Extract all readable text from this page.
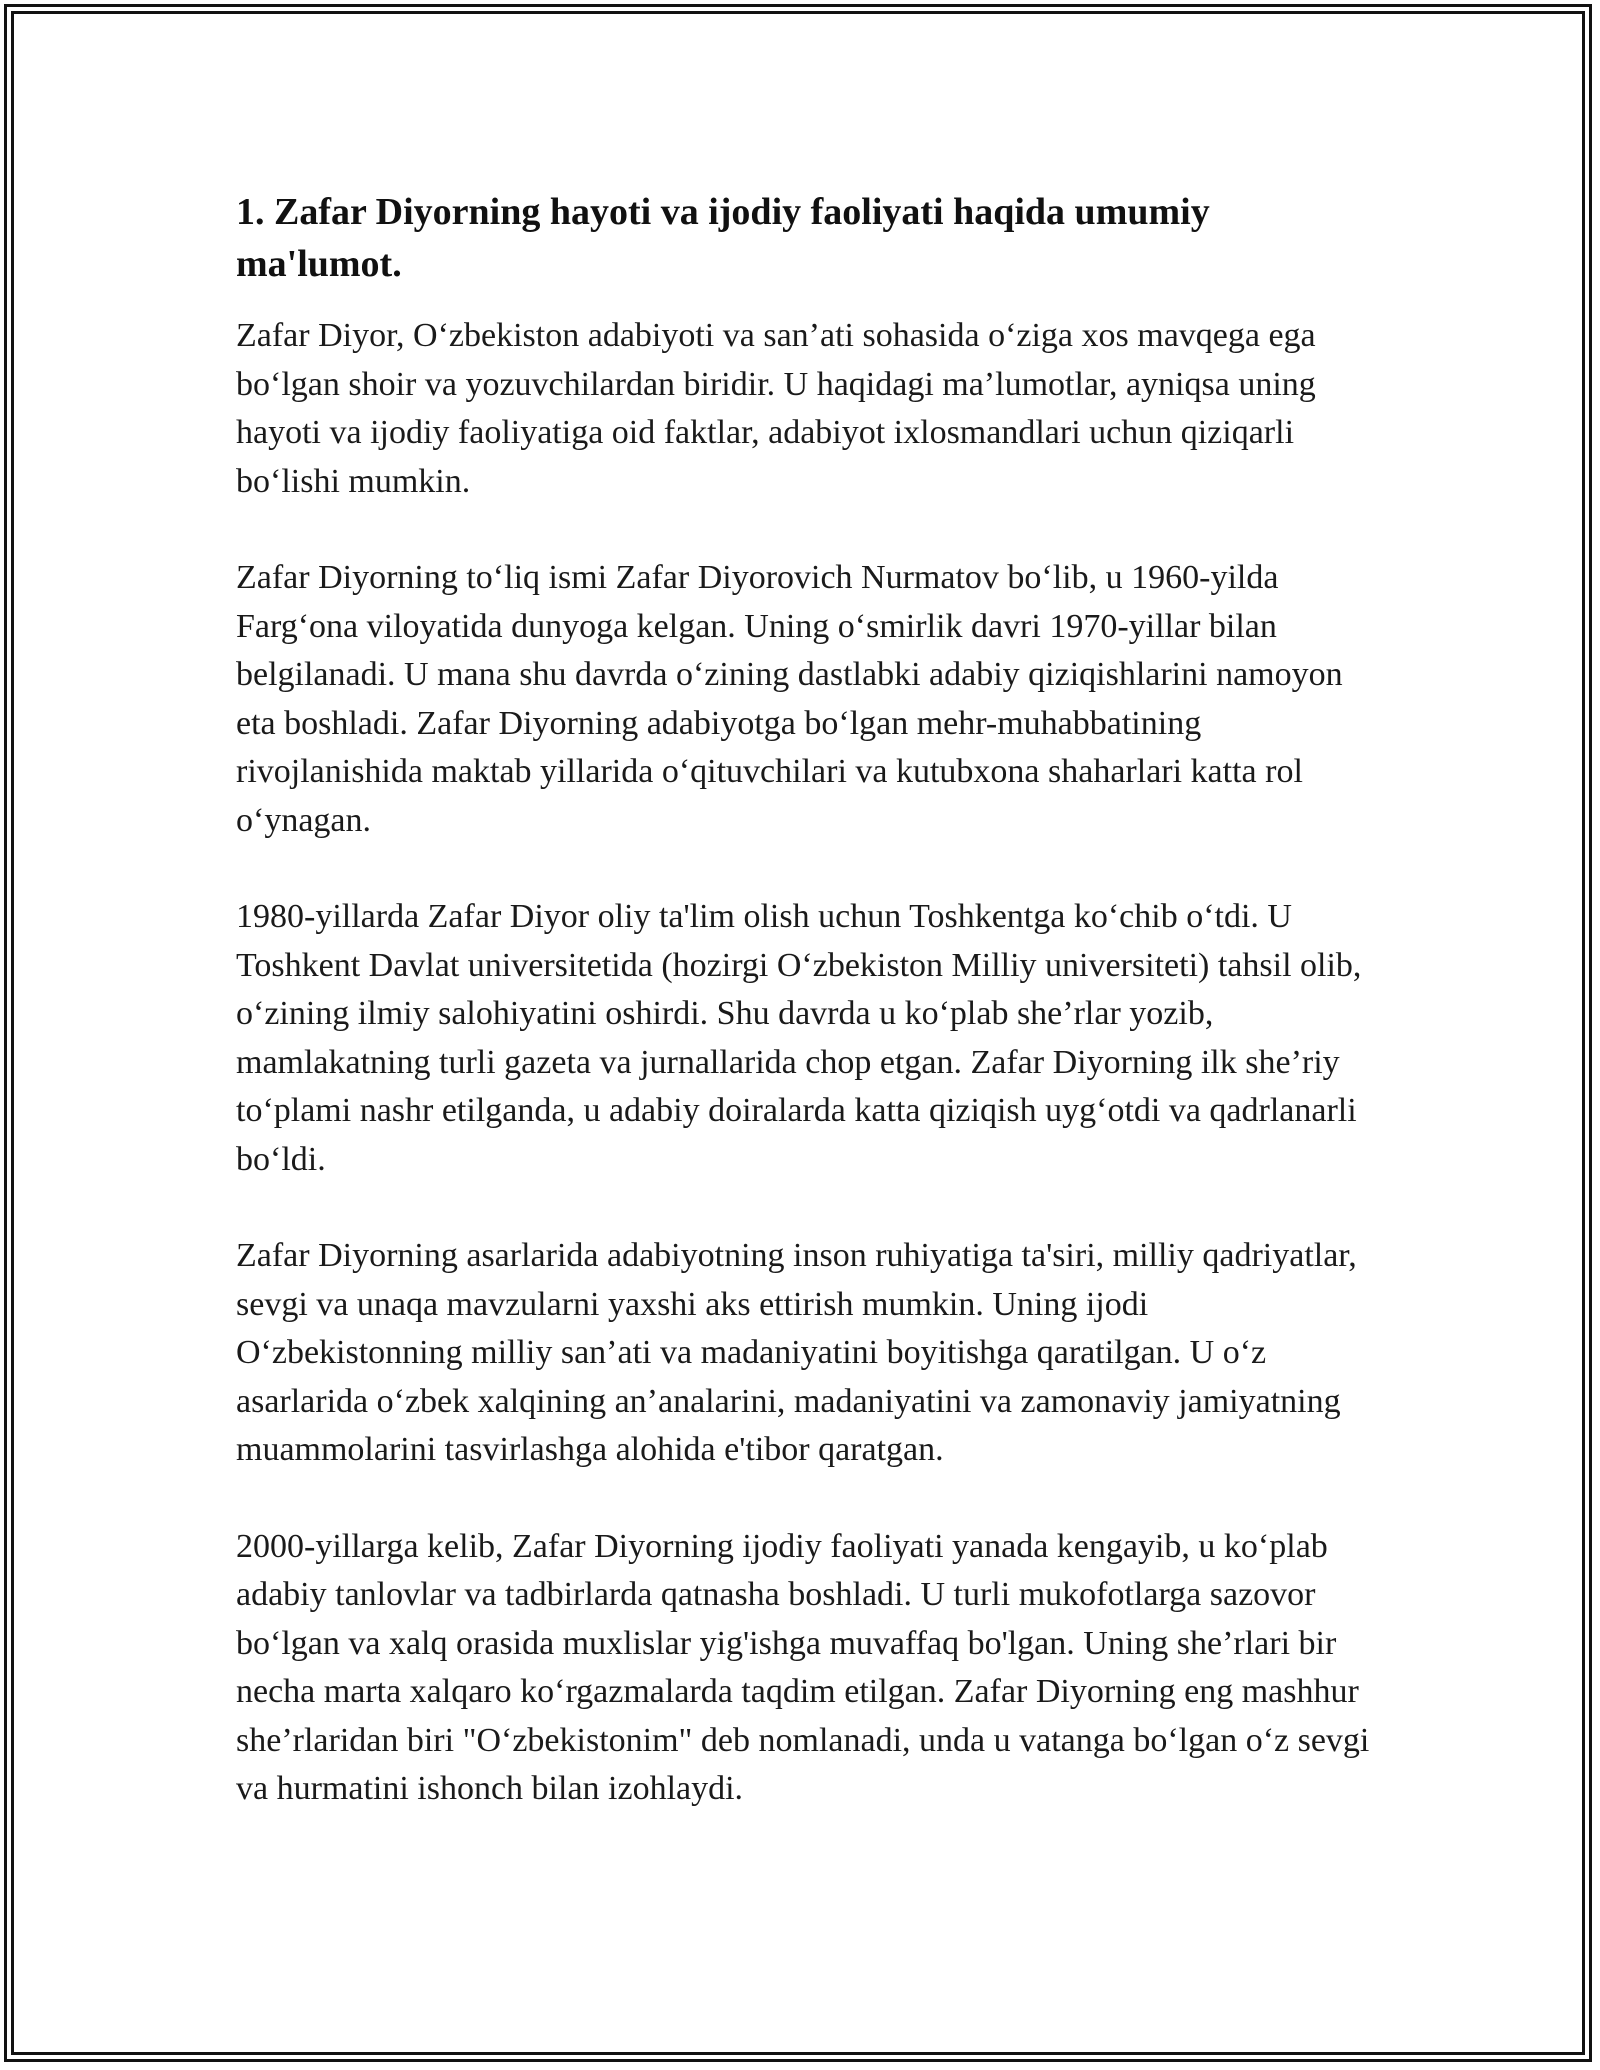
1. Zafar Diyorning hayoti va ijodiy faoliyati haqida umumiy ma'lumot.

Zafar Diyor, O‘zbekiston adabiyoti va san’ati sohasida o‘ziga xos mavqega ega bo‘lgan shoir va yozuvchilardan biridir. U haqidagi ma’lumotlar, ayniqsa uning hayoti va ijodiy faoliyatiga oid faktlar, adabiyot ixlosmandlari uchun qiziqarli bo‘lishi mumkin.

Zafar Diyorning to‘liq ismi Zafar Diyorovich Nurmatov bo‘lib, u 1960-yilda Farg‘ona viloyatida dunyoga kelgan. Uning o‘smirlik davri 1970-yillar bilan belgilanadi. U mana shu davrda o‘zining dastlabki adabiy qiziqishlarini namoyon eta boshladi. Zafar Diyorning adabiyotga bo‘lgan mehr-muhabbatining rivojlanishida maktab yillarida o‘qituvchilari va kutubxona shaharlari katta rol o‘ynagan.

1980-yillarda Zafar Diyor oliy ta'lim olish uchun Toshkentga ko‘chib o‘tdi. U Toshkent Davlat universitetida (hozirgi O‘zbekiston Milliy universiteti) tahsil olib, o‘zining ilmiy salohiyatini oshirdi. Shu davrda u ko‘plab she’rlar yozib, mamlakatning turli gazeta va jurnallarida chop etgan. Zafar Diyorning ilk she’riy to‘plami nashr etilganda, u adabiy doiralarda katta qiziqish uyg‘otdi va qadrlanarli bo‘ldi.

Zafar Diyorning asarlarida adabiyotning inson ruhiyatiga ta'siri, milliy qadriyatlar, sevgi va unaqa mavzularni yaxshi aks ettirish mumkin. Uning ijodi O‘zbekistonning milliy san’ati va madaniyatini boyitishga qaratilgan. U o‘z asarlarida o‘zbek xalqining an’analarini, madaniyatini va zamonaviy jamiyatning muammolarini tasvirlashga alohida e'tibor qaratgan.

2000-yillarga kelib, Zafar Diyorning ijodiy faoliyati yanada kengayib, u ko‘plab adabiy tanlovlar va tadbirlarda qatnasha boshladi. U turli mukofotlarga sazovor bo‘lgan va xalq orasida muxlislar yig'ishga muvaffaq bo'lgan. Uning she’rlari bir necha marta xalqaro ko‘rgazmalarda taqdim etilgan. Zafar Diyorning eng mashhur she’rlaridan biri "O‘zbekistonim" deb nomlanadi, unda u vatanga bo‘lgan o‘z sevgi va hurmatini ishonch bilan izohlaydi.
